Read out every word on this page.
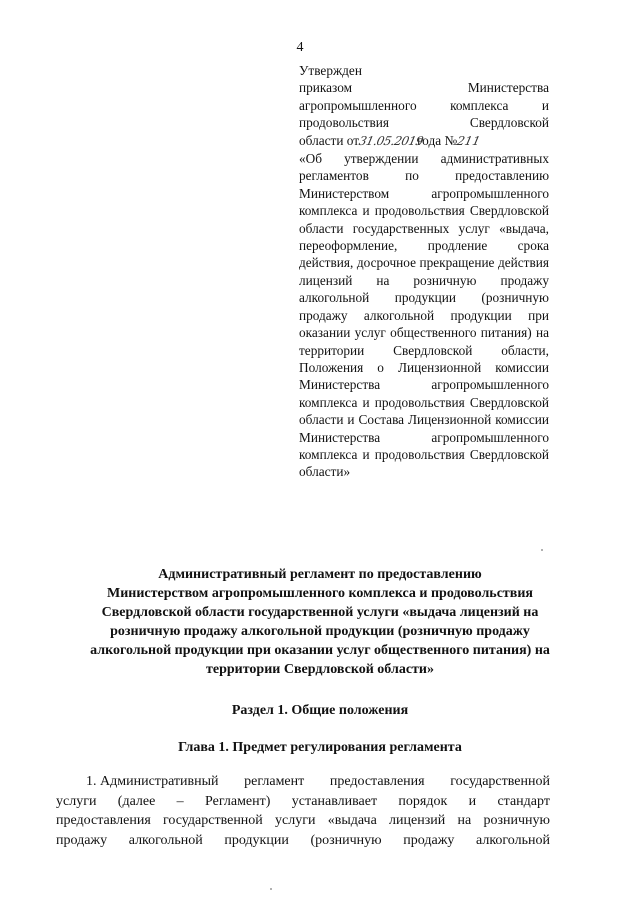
4
Утвержден
приказом	Министерства
агропромышленного	комплекса	и
продовольствия	Свердловской
области от
31.05.2019
года №
211

«Об утверждении административных регламентов по предоставлению Министерством агропромышленного комплекса и продовольствия Свердловской области государственных услуг «выдача, переоформление, продление срока действия, досрочное прекращение действия лицензий на розничную продажу алкогольной продукции (розничную продажу алкогольной продукции при оказании услуг общественного питания) на территории Свердловской области, Положения о Лицензионной комиссии Министерства агропромышленного комплекса и продовольствия Свердловской области и Состава Лицензионной комиссии Министерства агропромышленного комплекса и продовольствия Свердловской области»

Административный регламент по предоставлению
Министерством агропромышленного комплекса и продовольствия
Свердловской области государственной услуги «выдача лицензий на
розничную продажу алкогольной продукции (розничную продажу
алкогольной продукции при оказании услуг общественного питания) на
территории Свердловской области»
Раздел 1. Общие положения
Глава 1. Предмет регулирования регламента
1. Административный регламент предоставления государственной
услуги (далее – Регламент) устанавливает порядок и стандарт
предоставления государственной услуги «выдача лицензий на розничную
продажу алкогольной продукции (розничную продажу алкогольной
